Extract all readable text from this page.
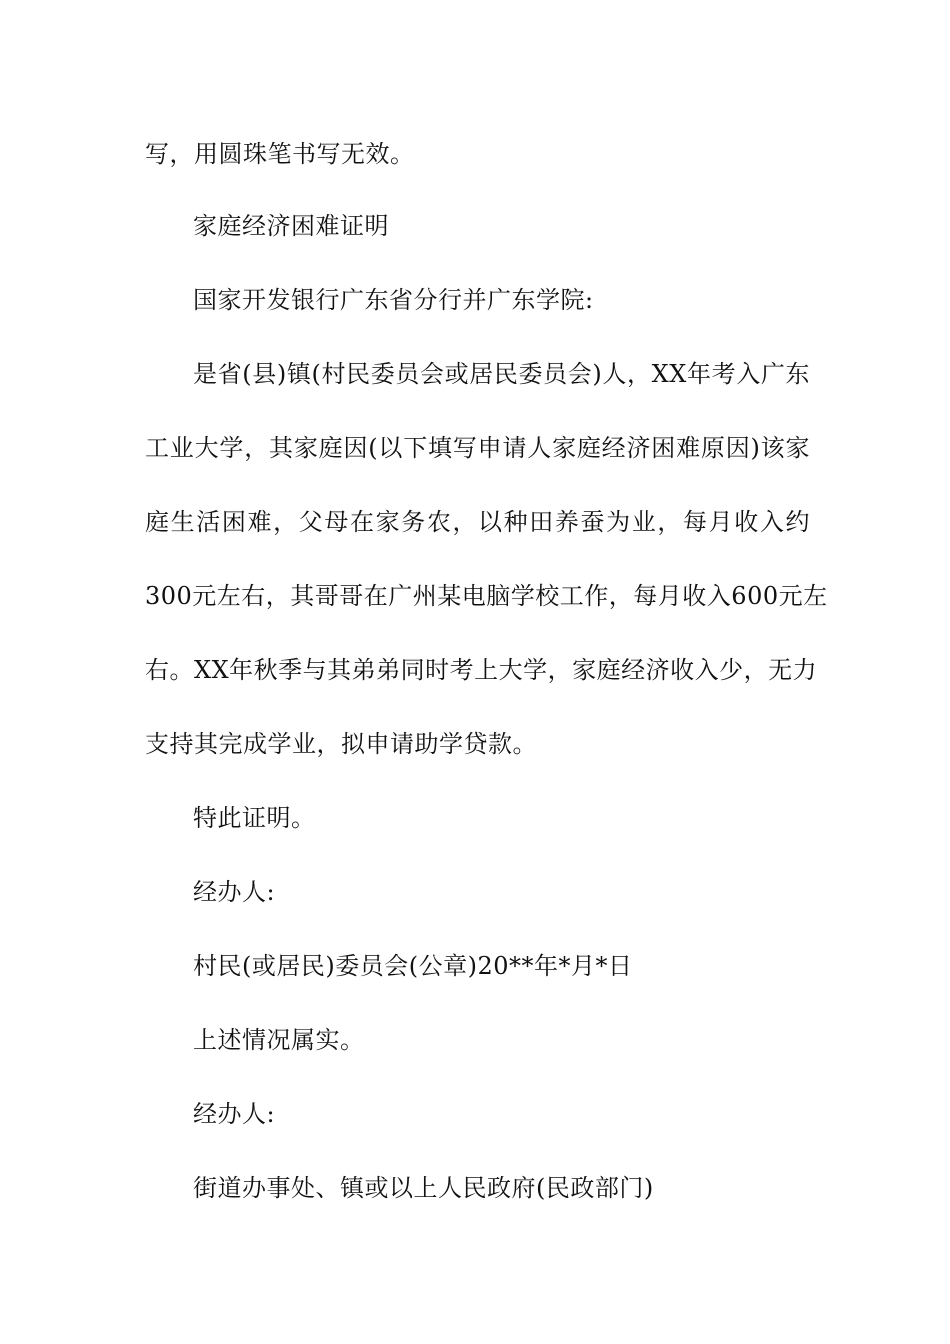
写，用圆珠笔书写无效。
家庭经济困难证明
国家开发银行广东省分行并广东学院:
是省(县)镇(村民委员会或居民委员会)人，XX年考入广东
工业大学，其家庭因(以下填写申请人家庭经济困难原因)该家
庭生活困难，父母在家务农，以种田养蚕为业，每月收入约
300元左右，其哥哥在广州某电脑学校工作，每月收入600元左
右。XX年秋季与其弟弟同时考上大学，家庭经济收入少，无力
支持其完成学业，拟申请助学贷款。
特此证明。
经办人:
村民(或居民)委员会(公章)20**年*月*日
上述情况属实。
经办人:
街道办事处、镇或以上人民政府(民政部门)
